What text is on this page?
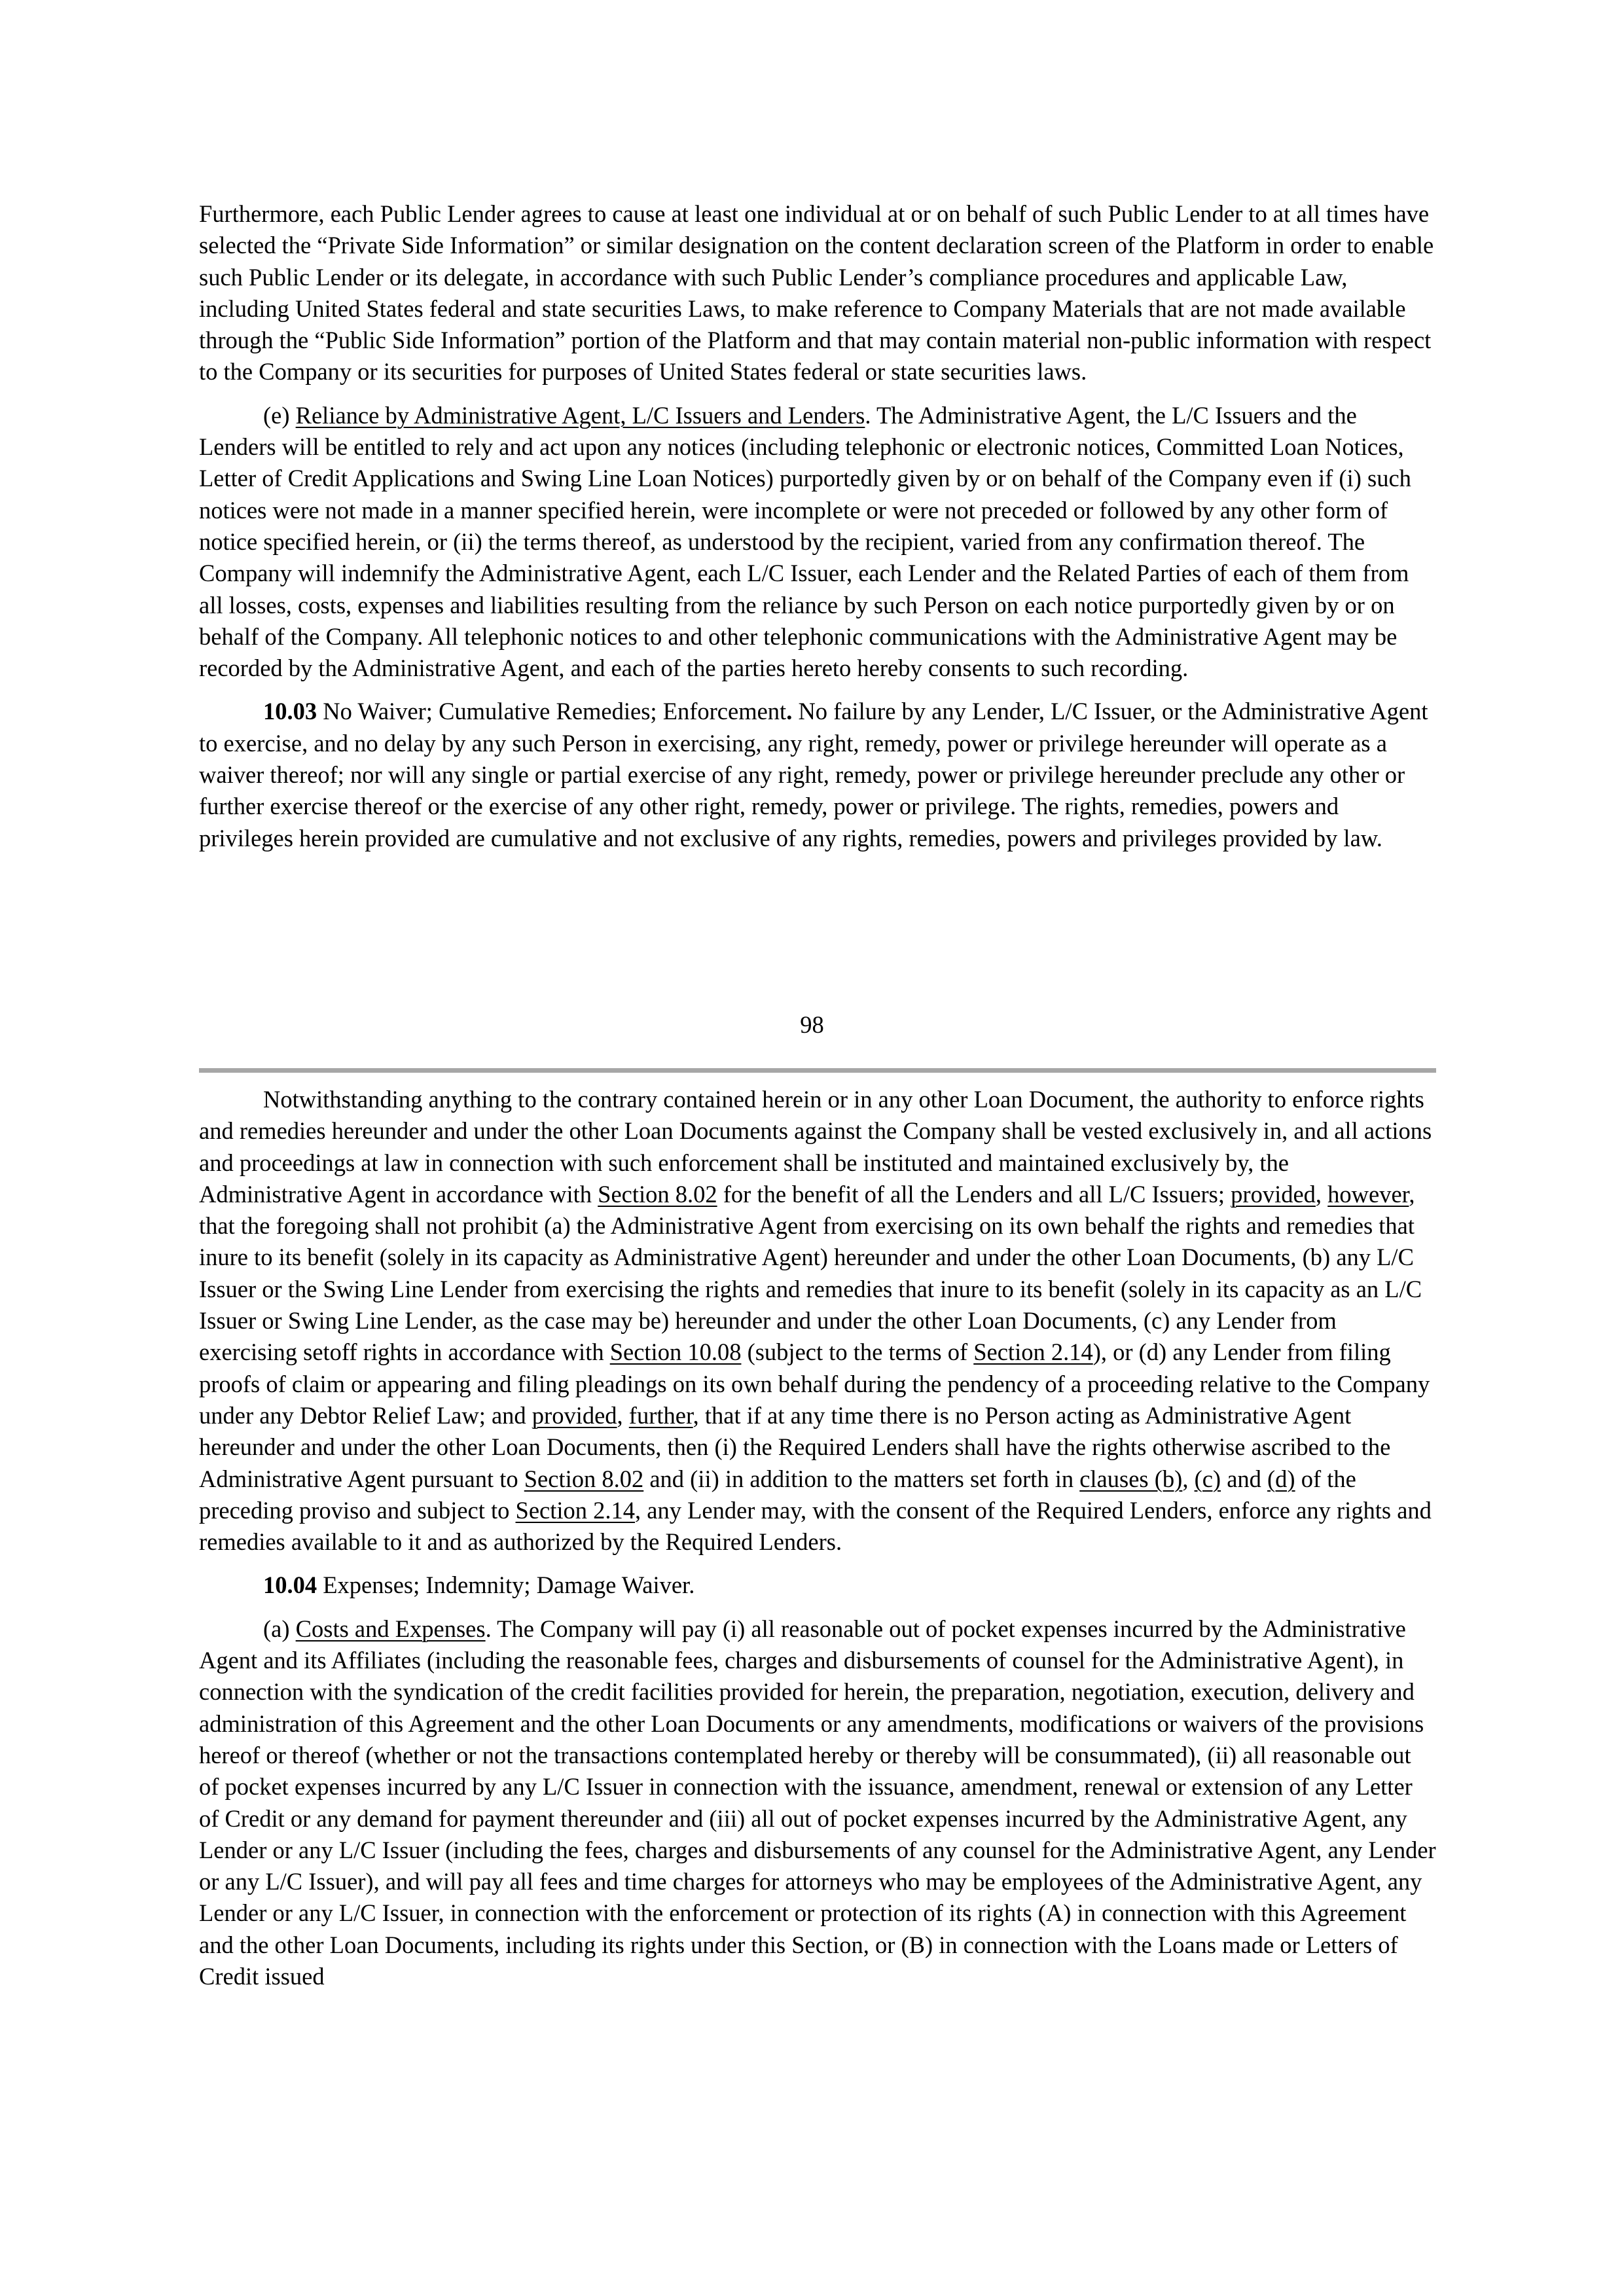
Furthermore, each Public Lender agrees to cause at least one individual at or on behalf of such Public Lender to at all times have selected the “Private Side Information” or similar designation on the content declaration screen of the Platform in order to enable such Public Lender or its delegate, in accordance with such Public Lender’s compliance procedures and applicable Law, including United States federal and state securities Laws, to make reference to Company Materials that are not made available through the “Public Side Information” portion of the Platform and that may contain material non-public information with respect to the Company or its securities for purposes of United States federal or state securities laws.

(e) Reliance by Administrative Agent, L/C Issuers and Lenders. The Administrative Agent, the L/C Issuers and the Lenders will be entitled to rely and act upon any notices (including telephonic or electronic notices, Committed Loan Notices, Letter of Credit Applications and Swing Line Loan Notices) purportedly given by or on behalf of the Company even if (i) such notices were not made in a manner specified herein, were incomplete or were not preceded or followed by any other form of notice specified herein, or (ii) the terms thereof, as understood by the recipient, varied from any confirmation thereof. The Company will indemnify the Administrative Agent, each L/C Issuer, each Lender and the Related Parties of each of them from all losses, costs, expenses and liabilities resulting from the reliance by such Person on each notice purportedly given by or on behalf of the Company. All telephonic notices to and other telephonic communications with the Administrative Agent may be recorded by the Administrative Agent, and each of the parties hereto hereby consents to such recording.

10.03 No Waiver; Cumulative Remedies; Enforcement. No failure by any Lender, L/C Issuer, or the Administrative Agent to exercise, and no delay by any such Person in exercising, any right, remedy, power or privilege hereunder will operate as a waiver thereof; nor will any single or partial exercise of any right, remedy, power or privilege hereunder preclude any other or further exercise thereof or the exercise of any other right, remedy, power or privilege. The rights, remedies, powers and privileges herein provided are cumulative and not exclusive of any rights, remedies, powers and privileges provided by law.

98

Notwithstanding anything to the contrary contained herein or in any other Loan Document, the authority to enforce rights and remedies hereunder and under the other Loan Documents against the Company shall be vested exclusively in, and all actions and proceedings at law in connection with such enforcement shall be instituted and maintained exclusively by, the Administrative Agent in accordance with Section 8.02 for the benefit of all the Lenders and all L/C Issuers; provided, however, that the foregoing shall not prohibit (a) the Administrative Agent from exercising on its own behalf the rights and remedies that inure to its benefit (solely in its capacity as Administrative Agent) hereunder and under the other Loan Documents, (b) any L/C Issuer or the Swing Line Lender from exercising the rights and remedies that inure to its benefit (solely in its capacity as an L/C Issuer or Swing Line Lender, as the case may be) hereunder and under the other Loan Documents, (c) any Lender from exercising setoff rights in accordance with Section 10.08 (subject to the terms of Section 2.14), or (d) any Lender from filing proofs of claim or appearing and filing pleadings on its own behalf during the pendency of a proceeding relative to the Company under any Debtor Relief Law; and provided, further, that if at any time there is no Person acting as Administrative Agent hereunder and under the other Loan Documents, then (i) the Required Lenders shall have the rights otherwise ascribed to the Administrative Agent pursuant to Section 8.02 and (ii) in addition to the matters set forth in clauses (b), (c) and (d) of the preceding proviso and subject to Section 2.14, any Lender may, with the consent of the Required Lenders, enforce any rights and remedies available to it and as authorized by the Required Lenders.

10.04 Expenses; Indemnity; Damage Waiver.

(a) Costs and Expenses. The Company will pay (i) all reasonable out of pocket expenses incurred by the Administrative Agent and its Affiliates (including the reasonable fees, charges and disbursements of counsel for the Administrative Agent), in connection with the syndication of the credit facilities provided for herein, the preparation, negotiation, execution, delivery and administration of this Agreement and the other Loan Documents or any amendments, modifications or waivers of the provisions hereof or thereof (whether or not the transactions contemplated hereby or thereby will be consummated), (ii) all reasonable out of pocket expenses incurred by any L/C Issuer in connection with the issuance, amendment, renewal or extension of any Letter of Credit or any demand for payment thereunder and (iii) all out of pocket expenses incurred by the Administrative Agent, any Lender or any L/C Issuer (including the fees, charges and disbursements of any counsel for the Administrative Agent, any Lender or any L/C Issuer), and will pay all fees and time charges for attorneys who may be employees of the Administrative Agent, any Lender or any L/C Issuer, in connection with the enforcement or protection of its rights (A) in connection with this Agreement and the other Loan Documents, including its rights under this Section, or (B) in connection with the Loans made or Letters of Credit issued
